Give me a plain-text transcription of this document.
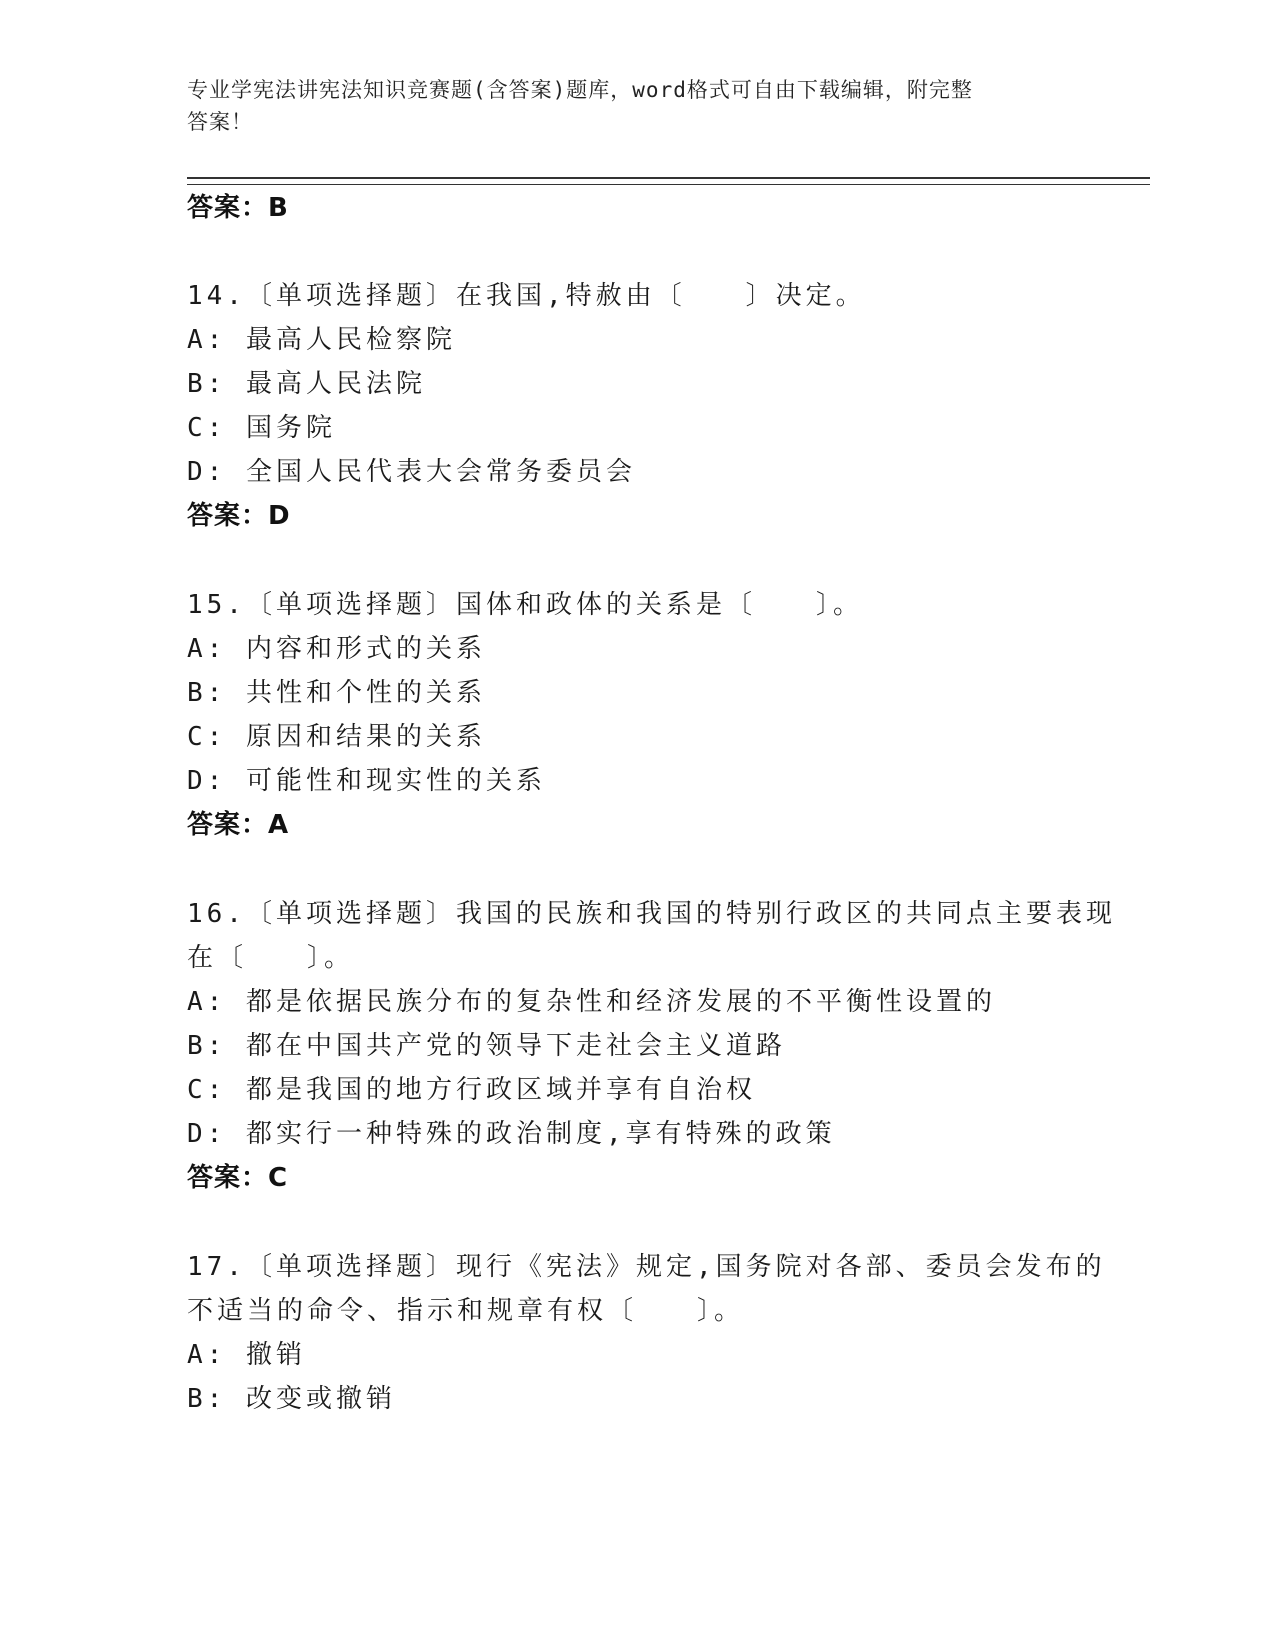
专业学宪法讲宪法知识竞赛题(含答案)题库，word格式可自由下载编辑，附完整
答案！
答案：B
14.〔单项选择题〕在我国,特赦由〔　　〕决定。
A: 最高人民检察院
B: 最高人民法院
C: 国务院
D: 全国人民代表大会常务委员会
答案：D
15.〔单项选择题〕国体和政体的关系是〔　　〕。
A: 内容和形式的关系
B: 共性和个性的关系
C: 原因和结果的关系
D: 可能性和现实性的关系
答案：A
16.〔单项选择题〕我国的民族和我国的特别行政区的共同点主要表现
在〔　　〕。
A: 都是依据民族分布的复杂性和经济发展的不平衡性设置的
B: 都在中国共产党的领导下走社会主义道路
C: 都是我国的地方行政区域并享有自治权
D: 都实行一种特殊的政治制度,享有特殊的政策
答案：C
17.〔单项选择题〕现行《宪法》规定,国务院对各部、委员会发布的
不适当的命令、指示和规章有权〔　　〕。
A: 撤销
B: 改变或撤销
